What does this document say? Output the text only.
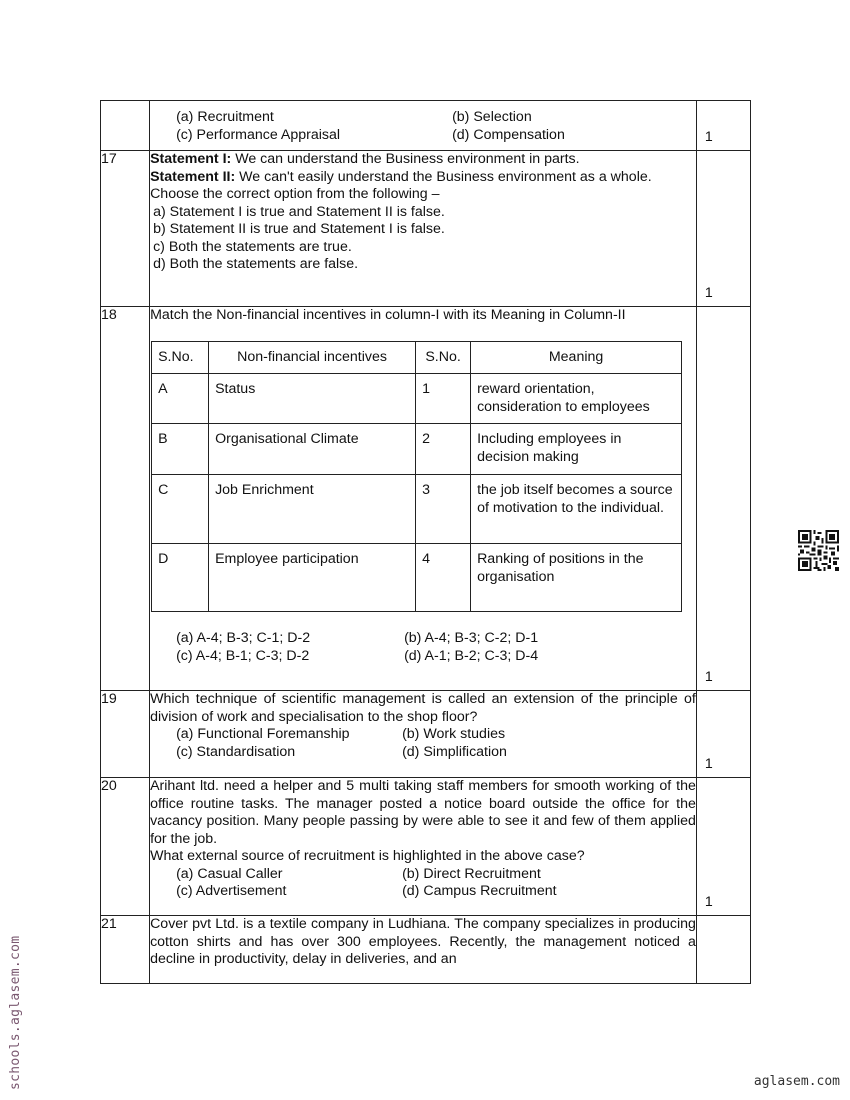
(a) Recruitment	(b) Selection
(c) Performance Appraisal	(d) Compensation	1

17	Statement I: We can understand the Business environment in parts.
Statement II: We can't easily understand the Business environment as a whole.
Choose the correct option from the following –
a) Statement I is true and Statement II is false.
b) Statement II is true and Statement I is false.
c) Both the statements are true.
d) Both the statements are false.

1

18	Match the Non-financial incentives in column-I with its Meaning in Column-II
S.No.	Non-financial incentives	S.No.	Meaning
A	Status	1	reward orientation, consideration to employees
B	Organisational Climate	2	Including employees in decision making
C	Job Enrichment	3	the job itself becomes a source of motivation to the individual.
D	Employee participation	4	Ranking of positions in the organisation
(a) A-4; B-3; C-1; D-2	(b) A-4; B-3; C-2; D-1
(c) A-4; B-1; C-3; D-2	(d) A-1; B-2; C-3; D-4

1

19	Which technique of scientific management is called an extension of the principle of division of work and specialisation to the shop floor?
(a) Functional Foremanship	(b) Work studies
(c) Standardisation	(d) Simplification

1

20	Arihant ltd. need a helper and 5 multi taking staff members for smooth working of the office routine tasks. The manager posted a notice board outside the office for the vacancy position. Many people passing by were able to see it and few of them applied for the job.
What external source of recruitment is highlighted in the above case?
(a) Casual Caller	(b) Direct Recruitment
(c) Advertisement	(d) Campus Recruitment

1

21	Cover pvt Ltd. is a textile company in Ludhiana. The company specializes in producing cotton shirts and has over 300 employees. Recently, the management noticed a decline in productivity, delay in deliveries, and an

schools.aglasem.com	aglasem.com
